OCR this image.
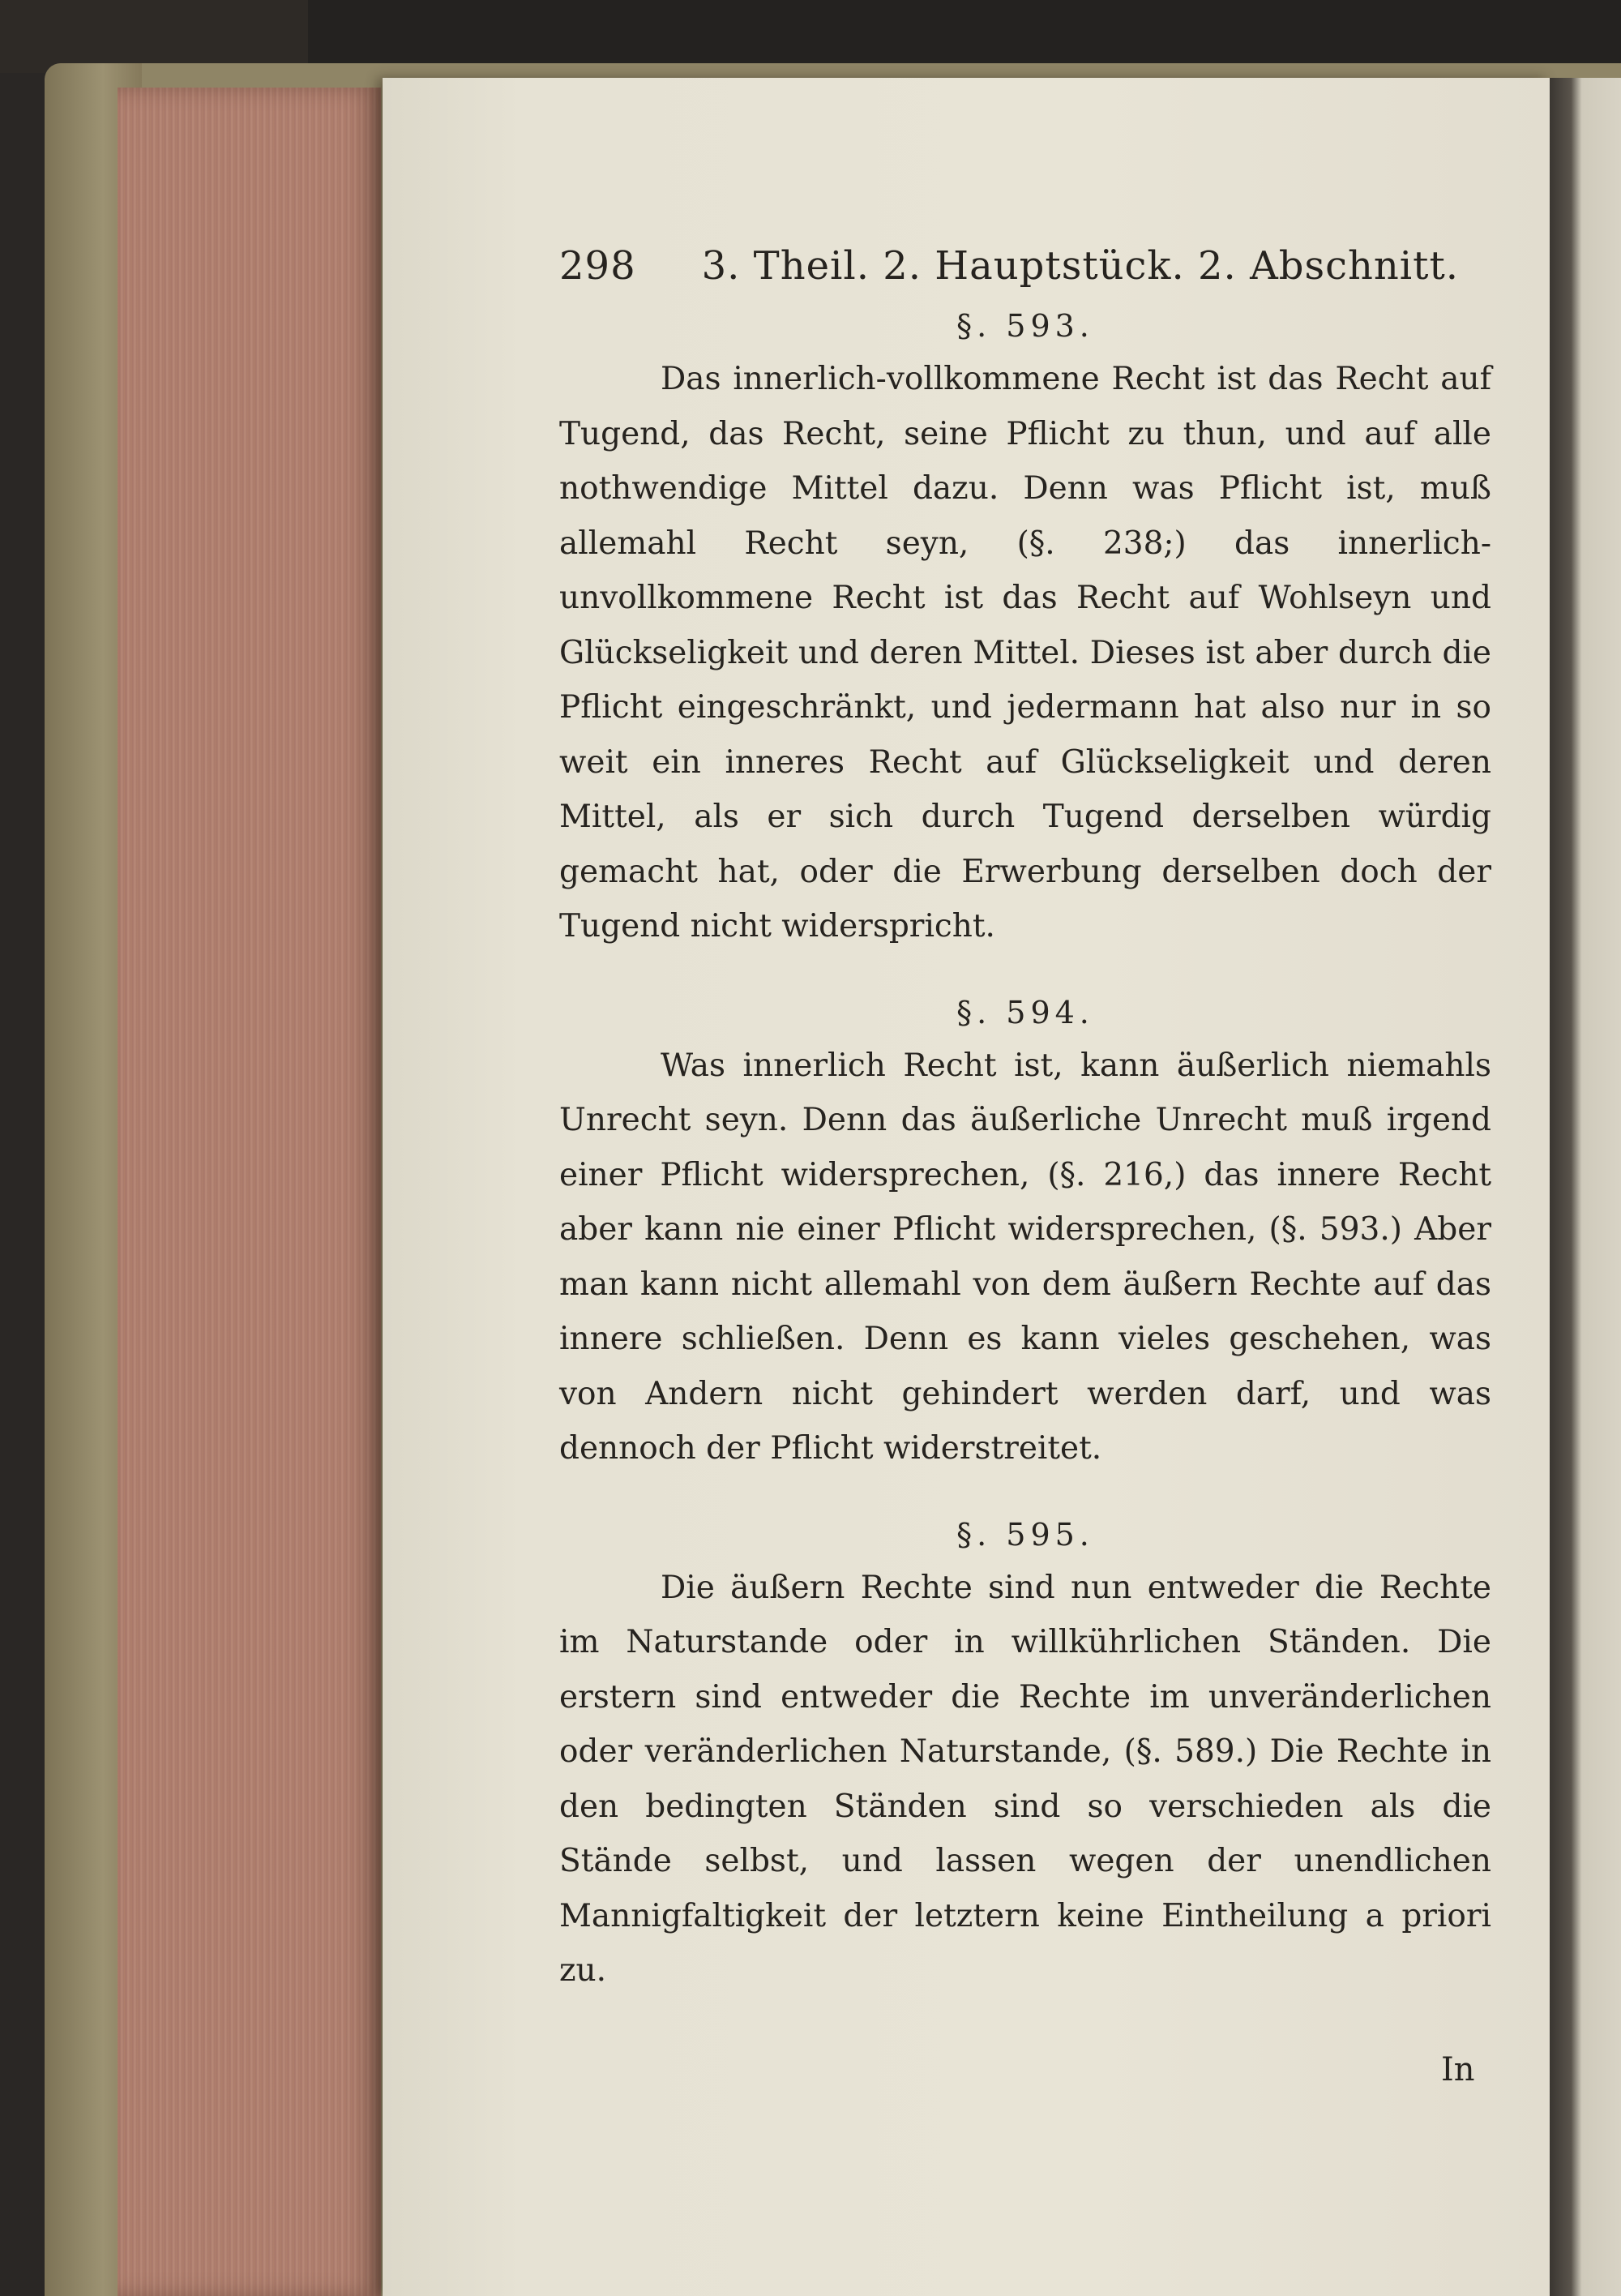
298 3. Theil. 2. Hauptstück. 2. Abschnitt.
§. 593.

Das innerlich-vollkommene Recht ist das Recht auf Tugend, das Recht, seine Pflicht zu thun, und auf alle nothwendige Mittel dazu. Denn was Pflicht ist, muß allemahl Recht seyn, (§. 238;) das innerlich-unvollkommene Recht ist das Recht auf Wohlseyn und Glückseligkeit und deren Mittel. Dieses ist aber durch die Pflicht eingeschränkt, und jedermann hat also nur in so weit ein inneres Recht auf Glückseligkeit und deren Mittel, als er sich durch Tugend derselben würdig gemacht hat, oder die Erwerbung derselben doch der Tugend nicht widerspricht.

§. 594.

Was innerlich Recht ist, kann äußerlich niemahls Unrecht seyn. Denn das äußerliche Unrecht muß irgend einer Pflicht widersprechen, (§. 216,) das innere Recht aber kann nie einer Pflicht widersprechen, (§. 593.) Aber man kann nicht allemahl von dem äußern Rechte auf das innere schließen. Denn es kann vieles geschehen, was von Andern nicht gehindert werden darf, und was dennoch der Pflicht widerstreitet.

§. 595.

Die äußern Rechte sind nun entweder die Rechte im Naturstande oder in willkührlichen Ständen. Die erstern sind entweder die Rechte im unveränderlichen oder veränderlichen Naturstande, (§. 589.) Die Rechte in den bedingten Ständen sind so verschieden als die Stände selbst, und lassen wegen der unendlichen Mannigfaltigkeit der letztern keine Eintheilung a priori zu.

In
